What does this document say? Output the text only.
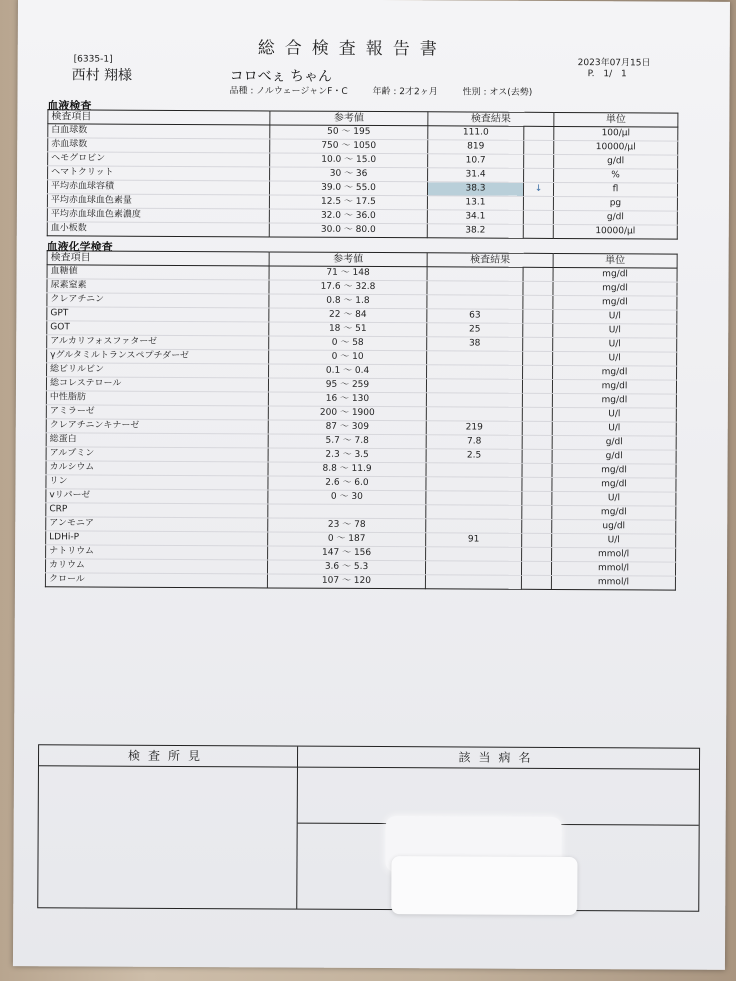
総合検査報告書
2023年07月15日
P. 1/ 1
[6335-1]
西村 翔様	コロべぇ ちゃん
品種 : ノルウェージャンF・C	年齢 : 2才2ヶ月	性別 : オス(去勢)
血液検査
検査項目	参考値	検査結果		単位
白血球数	50 ～ 195	111.0		100/μl
赤血球数	750 ～ 1050	819		10000/μl
ヘモグロビン	10.0 ～ 15.0	10.7		g/dl
ヘマトクリット	30 ～ 36	31.4		%
平均赤血球容積	39.0 ～ 55.0	38.3	↓	fl
平均赤血球血色素量	12.5 ～ 17.5	13.1		pg
平均赤血球血色素濃度	32.0 ～ 36.0	34.1		g/dl
血小板数	30.0 ～ 80.0	38.2		10000/μl
血液化学検査
検査項目	参考値	検査結果		単位
血糖値	71 ～ 148			mg/dl
尿素窒素	17.6 ～ 32.8			mg/dl
クレアチニン	0.8 ～ 1.8			mg/dl
GPT	22 ～ 84	63		U/l
GOT	18 ～ 51	25		U/l
アルカリフォスファターゼ	0 ～ 58	38		U/l
γグルタミルトランスペプチダーゼ	0 ～ 10			U/l
総ビリルビン	0.1 ～ 0.4			mg/dl
総コレステロール	95 ～ 259			mg/dl
中性脂肪	16 ～ 130			mg/dl
アミラーゼ	200 ～ 1900			U/l
クレアチニンキナーゼ	87 ～ 309	219		U/l
総蛋白	5.7 ～ 7.8	7.8		g/dl
アルブミン	2.3 ～ 3.5	2.5		g/dl
カルシウム	8.8 ～ 11.9			mg/dl
リン	2.6 ～ 6.0			mg/dl
vリパーゼ	0 ～ 30			U/l
CRP				mg/dl
アンモニア	23 ～ 78			ug/dl
LDHi-P	0 ～ 187	91		U/l
ナトリウム	147 ～ 156			mmol/l
カリウム	3.6 ～ 5.3			mmol/l
クロール	107 ～ 120			mmol/l
検査所見	該当病名
